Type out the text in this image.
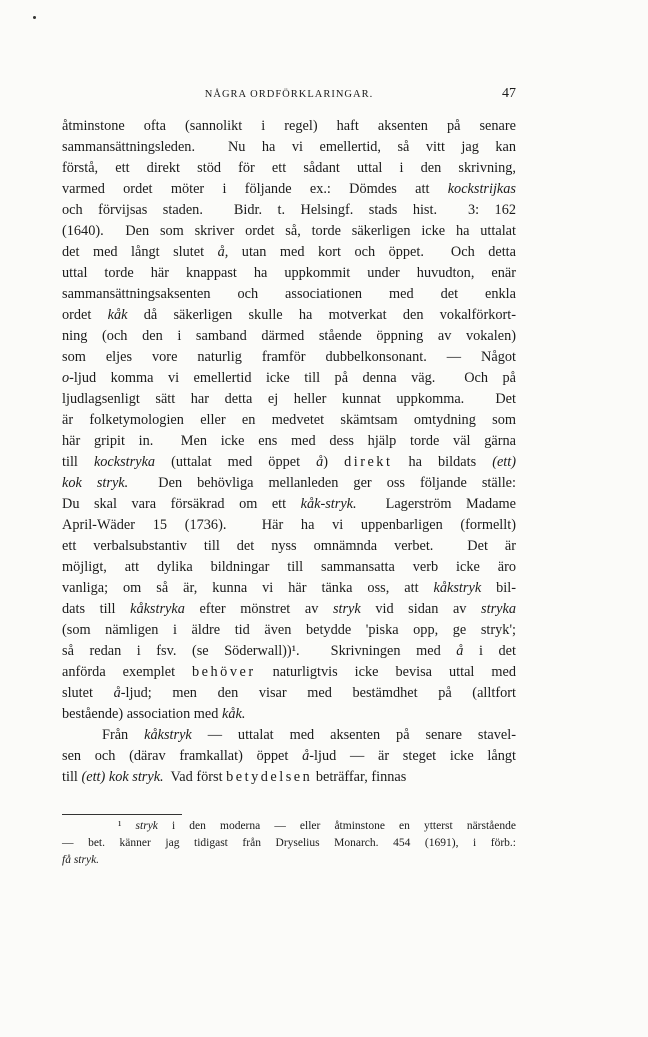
NÅGRA ORDFÖRKLARINGAR.	47
åtminstone ofta (sannolikt i regel) haft aksenten på senare
sammansättningsleden.  Nu ha vi emellertid, så vitt jag kan
förstå, ett direkt stöd för ett sådant uttal i den skrivning,
varmed ordet möter i följande ex.: Dömdes att kockstrijkas
och förvijsas staden.  Bidr. t. Helsingf. stads hist.  3: 162
(1640).  Den som skriver ordet så, torde säkerligen icke ha uttalat
det med långt slutet å, utan med kort och öppet.  Och detta
uttal torde här knappast ha uppkommit under huvudton, enär
sammansättningsaksenten och associationen med det enkla
ordet kåk då säkerligen skulle ha motverkat den vokalförkort-
ning (och den i samband därmed stående öppning av vokalen)
som eljes vore naturlig framför dubbelkonsonant. — Något
o-ljud komma vi emellertid icke till på denna väg.  Och på
ljudlagsenligt sätt har detta ej heller kunnat uppkomma.  Det
är folketymologien eller en medvetet skämtsam omtydning som
här gripit in.  Men icke ens med dess hjälp torde väl gärna
till kockstryka (uttalat med öppet å) direkt ha bildats (ett)
kok stryk.  Den behövliga mellanleden ger oss följande ställe:
Du skal vara försäkrad om ett kåk-stryk.  Lagerström Madame
April-Wäder 15 (1736).  Här ha vi uppenbarligen (formellt)
ett verbalsubstantiv till det nyss omnämnda verbet.  Det är
möjligt, att dylika bildningar till sammansatta verb icke äro
vanliga; om så är, kunna vi här tänka oss, att kåkstryk bil-
dats till kåkstryka efter mönstret av stryk vid sidan av stryka
(som nämligen i äldre tid även betydde 'piska opp, ge stryk';
så redan i fsv. (se Söderwall))¹.  Skrivningen med å i det
anförda exemplet behöver naturligtvis icke bevisa uttal med
slutet å-ljud; men den visar med bestämdhet på (alltfort
bestående) association med kåk.
Från kåkstryk — uttalat med aksenten på senare stavel-
sen och (därav framkallat) öppet å-ljud — är steget icke långt
till (ett) kok stryk.  Vad först betydelsen beträffar, finnas
¹ stryk i den moderna — eller åtminstone en ytterst närstående
— bet. känner jag tidigast från Dryselius Monarch. 454 (1691), i förb.:
få stryk.
